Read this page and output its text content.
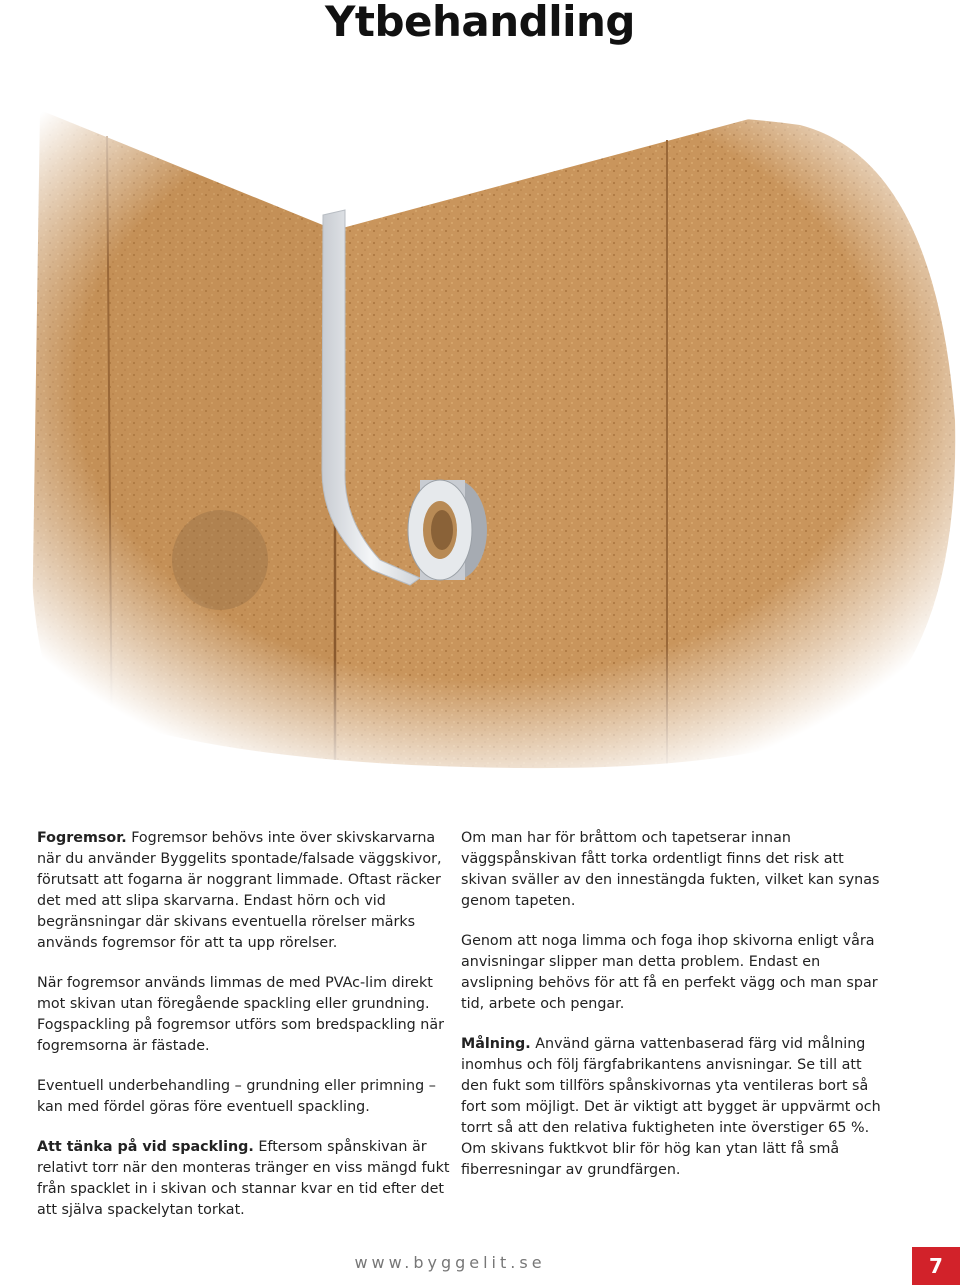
Ytbehandling

Fogremsor. Fogremsor behövs inte över skivskarvarna när du använder Byggelits spontade/falsade väggskivor, förutsatt att fogarna är noggrant limmade. Oftast räcker det med att slipa skarvarna. Endast hörn och vid begränsningar där skivans eventuella rörelser märks används fogremsor för att ta upp rörelser.

När fogremsor används limmas de med PVAc-lim direkt mot skivan utan föregående spackling eller grundning. Fogspackling på fogremsor utförs som bredspackling när fogremsorna är fästade.

Eventuell underbehandling – grundning eller primning – kan med fördel göras före eventuell spackling.

Att tänka på vid spackling. Eftersom spånskivan är relativt torr när den monteras tränger en viss mängd fukt från spacklet in i skivan och stannar kvar en tid efter det att själva spackelytan torkat.

Om man har för bråttom och tapetserar innan väggspånskivan fått torka ordentligt finns det risk att skivan sväller av den innestängda fukten, vilket kan synas genom tapeten.

Genom att noga limma och foga ihop skivorna enligt våra anvisningar slipper man detta problem. Endast en avslipning behövs för att få en perfekt vägg och man spar tid, arbete och pengar.

Målning. Använd gärna vattenbaserad färg vid målning inomhus och följ färgfabrikantens anvisningar. Se till att den fukt som tillförs spånskivornas yta ventileras bort så fort som möjligt. Det är viktigt att bygget är uppvärmt och torrt så att den relativa fuktigheten inte överstiger 65 %. Om skivans fuktkvot blir för hög kan ytan lätt få små fiberresningar av grundfärgen.

www.byggelit.se	7
